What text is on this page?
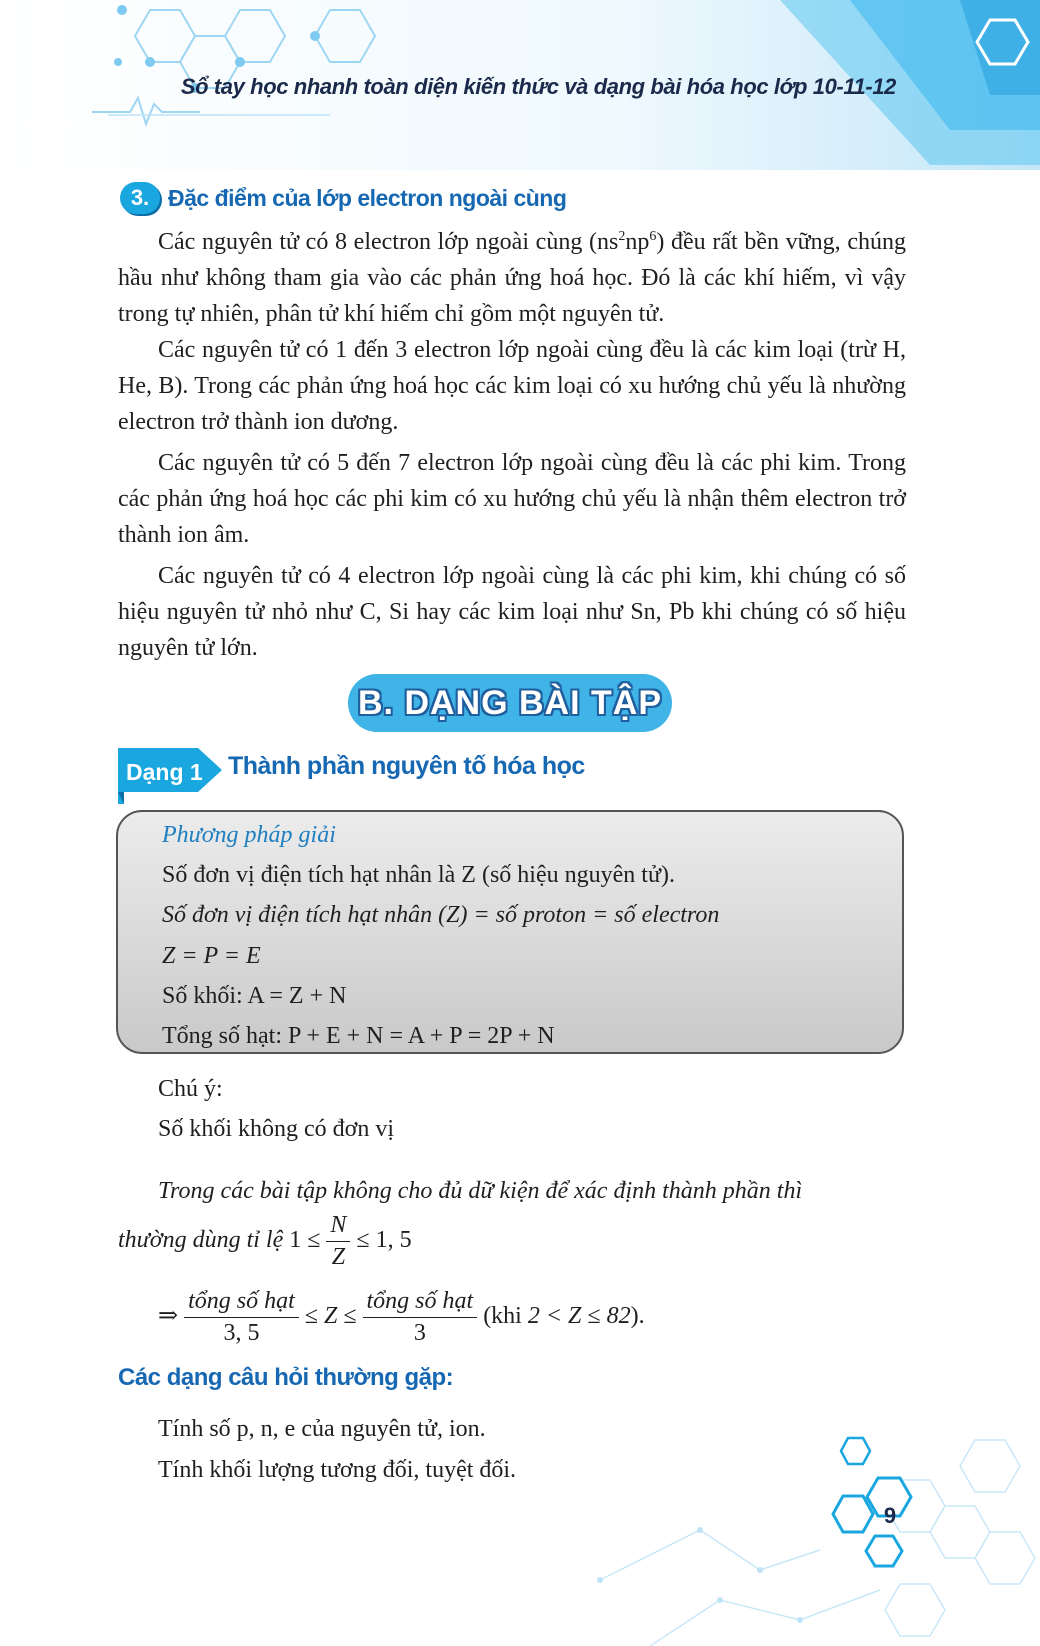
Sổ tay học nhanh toàn diện kiến thức và dạng bài hóa học lớp 10-11-12
3. Đặc điểm của lớp electron ngoài cùng

Các nguyên tử có 8 electron lớp ngoài cùng $(ns^2np^6)$ đều rất bền vững, chúng hầu như không tham gia vào các phản ứng hoá học. Đó là các khí hiếm, vì vậy trong tự nhiên, phân tử khí hiếm chỉ gồm một nguyên tử.

Các nguyên tử có 1 đến 3 electron lớp ngoài cùng đều là các kim loại (trừ H, He, B). Trong các phản ứng hoá học các kim loại có xu hướng chủ yếu là nhường electron trở thành ion dương.

Các nguyên tử có 5 đến 7 electron lớp ngoài cùng đều là các phi kim. Trong các phản ứng hoá học các phi kim có xu hướng chủ yếu là nhận thêm electron trở thành ion âm.

Các nguyên tử có 4 electron lớp ngoài cùng là các phi kim, khi chúng có số hiệu nguyên tử nhỏ như C, Si hay các kim loại như Sn, Pb khi chúng có số hiệu nguyên tử lớn.

B. DẠNG BÀI TẬP
Dạng 1 Thành phần nguyên tố hóa học
Phương pháp giải
Số đơn vị điện tích hạt nhân là Z (số hiệu nguyên tử).
Số đơn vị điện tích hạt nhân (Z) = số proton = số electron
Z = P = E
Số khối: A = Z + N
Tổng số hạt: P + E + N = A + P = 2P + N
Chú ý:
Số khối không có đơn vị

Trong các bài tập không cho đủ dữ kiện để xác định thành phần thì

thường dùng tỉ lệ $1 \le \frac{N}{Z} \le 1$, 5
⇒ $\frac{\text{tổng số hạt}}{3, 5} \le Z \le \frac{\text{tổng số hạt}}{3} (khi$ 2 < Z ≤ 82).
Các dạng câu hỏi thường gặp:
Tính số p, n, e của nguyên tử, ion.
Tính khối lượng tương đối, tuyệt đối.
9
